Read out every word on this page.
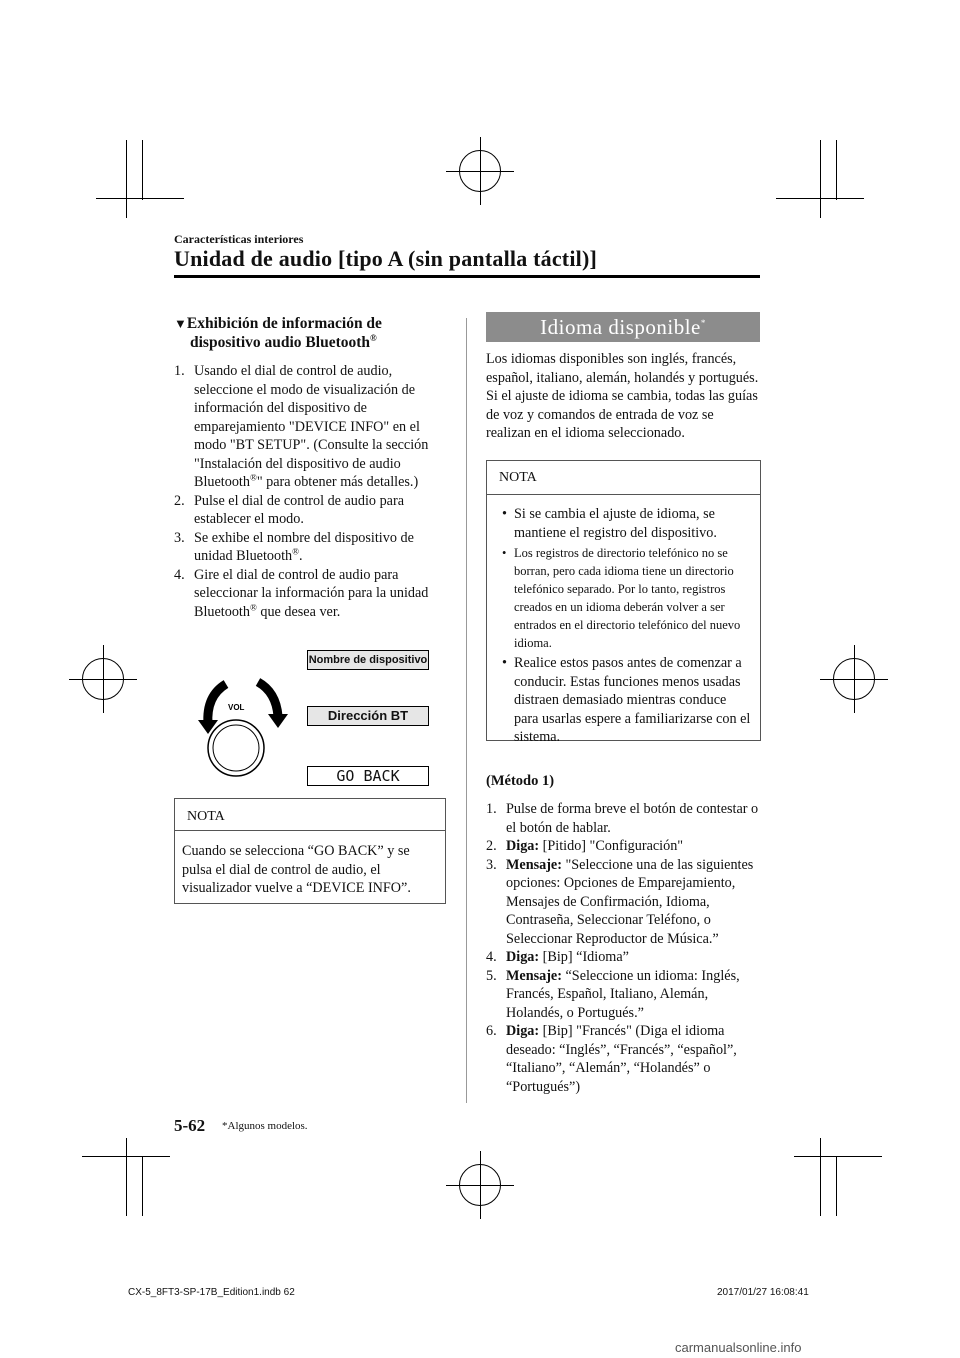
Características interiores
Unidad de audio [tipo A (sin pantalla táctil)]
▼Exhibición de información de
dispositivo audio Bluetooth®
1. Usando el dial de control de audio, seleccione el modo de visualización de información del dispositivo de emparejamiento "DEVICE INFO" en el modo "BT SETUP". (Consulte la sección "Instalación del dispositivo de audio Bluetooth®" para obtener más detalles.)
2. Pulse el dial de control de audio para establecer el modo.
3. Se exhibe el nombre del dispositivo de unidad Bluetooth®.
4. Gire el dial de control de audio para seleccionar la información para la unidad Bluetooth® que desea ver.
VOL
Nombre de dispositivo
Dirección BT
GO BACK
NOTA
Cuando se selecciona “GO BACK” y se pulsa el dial de control de audio, el visualizador vuelve a “DEVICE INFO”.
Idioma disponible*
Los idiomas disponibles son inglés, francés, español, italiano, alemán, holandés y portugués. Si el ajuste de idioma se cambia, todas las guías de voz y comandos de entrada de voz se realizan en el idioma seleccionado.
NOTA
• Si se cambia el ajuste de idioma, se mantiene el registro del dispositivo.
• Los registros de directorio telefónico no se borran, pero cada idioma tiene un directorio telefónico separado. Por lo tanto, registros creados en un idioma deberán volver a ser entrados en el directorio telefónico del nuevo idioma.
• Realice estos pasos antes de comenzar a conducir. Estas funciones menos usadas distraen demasiado mientras conduce para usarlas espere a familiarizarse con el sistema.
(Método 1)
1. Pulse de forma breve el botón de contestar o el botón de hablar.
2. Diga: [Pitido] "Configuración"
3. Mensaje: "Seleccione una de las siguientes opciones: Opciones de Emparejamiento, Mensajes de Confirmación, Idioma, Contraseña, Seleccionar Teléfono, o Seleccionar Reproductor de Música.”
4. Diga: [Bip] “Idioma”
5. Mensaje: “Seleccione un idioma: Inglés, Francés, Español, Italiano, Alemán, Holandés, o Portugués.”
6. Diga: [Bip] "Francés" (Diga el idioma deseado: “Inglés”, “Francés”, “español”, “Italiano”, “Alemán”, “Holandés” o “Portugués”)
5-62 *Algunos modelos.
CX-5_8FT3-SP-17B_Edition1.indb 62	2017/01/27 16:08:41
carmanualsonline.info
